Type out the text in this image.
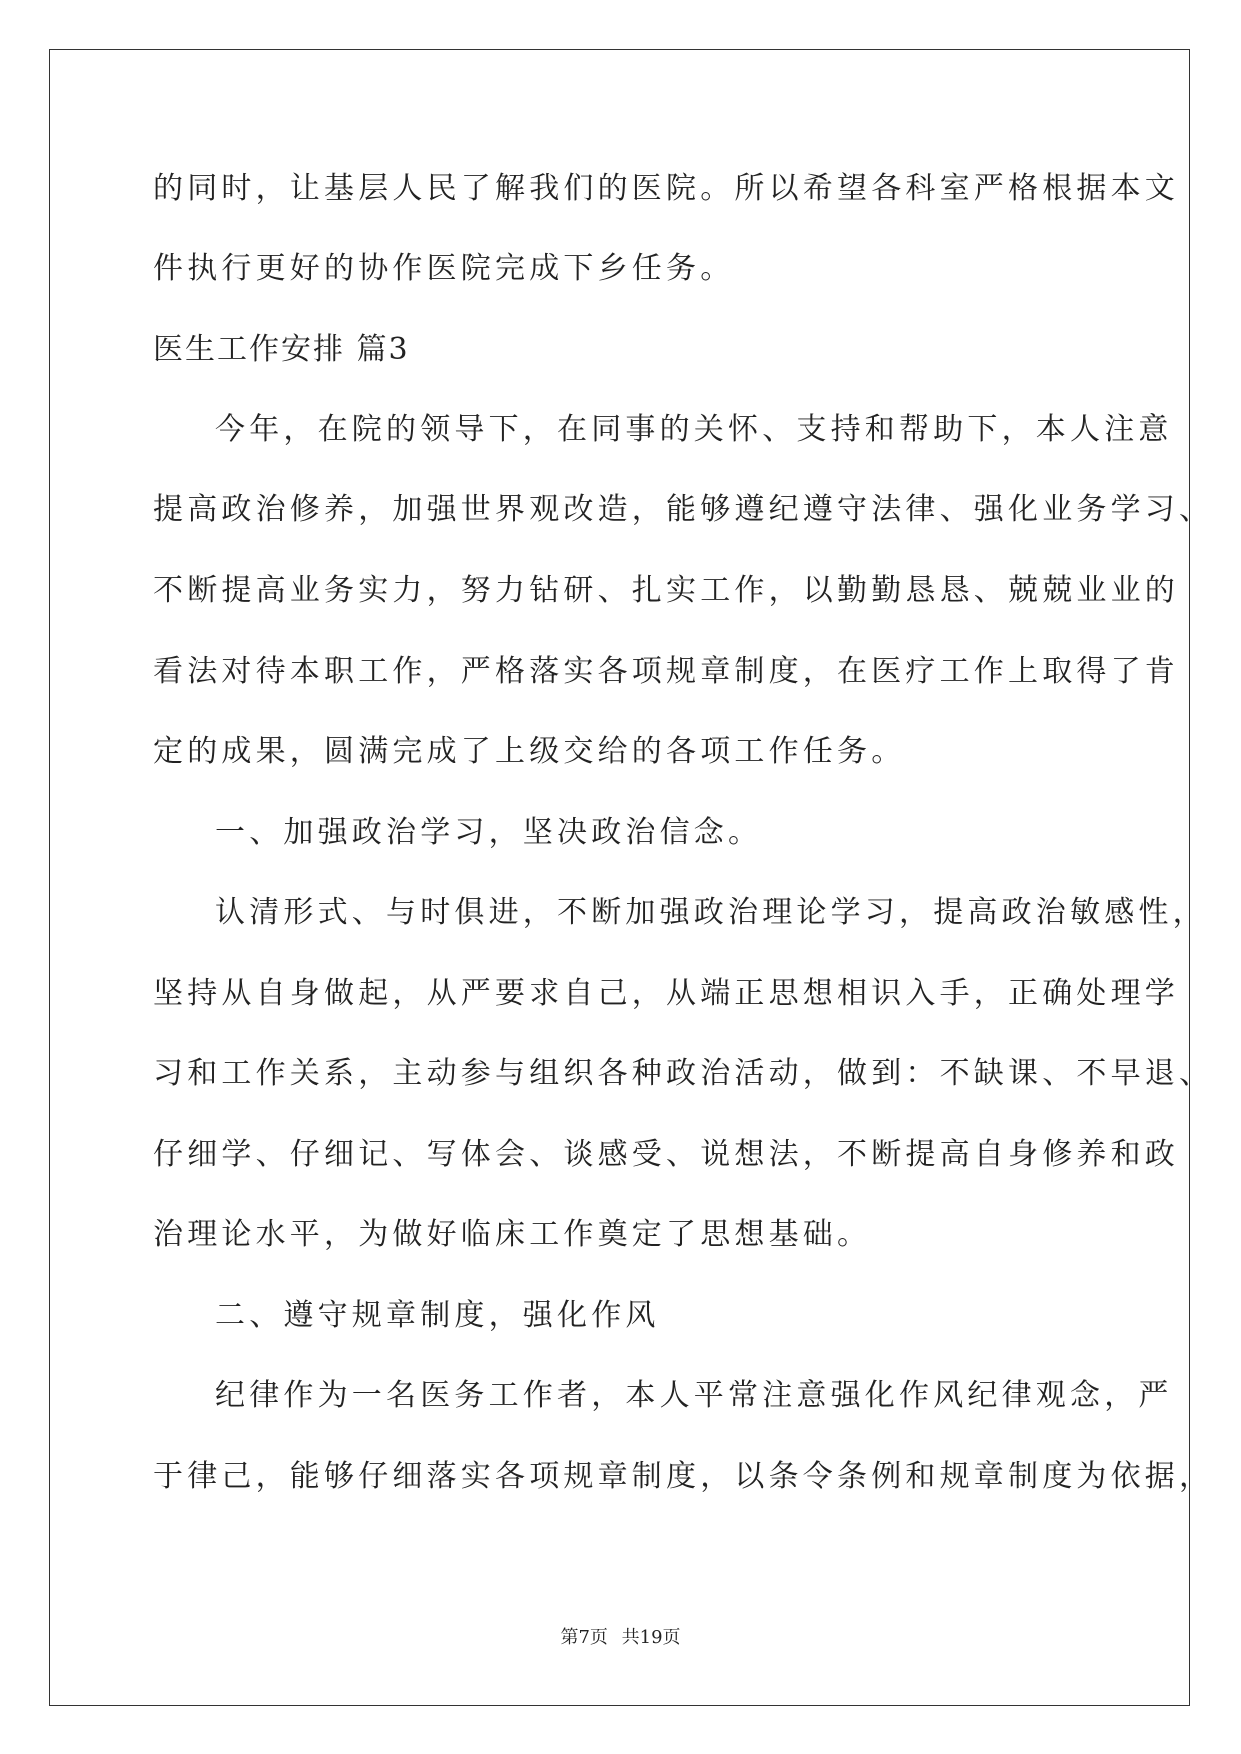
的同时，让基层人民了解我们的医院。所以希望各科室严格根据本文
件执行更好的协作医院完成下乡任务。
医生工作安排 篇3
今年，在院的领导下，在同事的关怀、支持和帮助下，本人注意
提高政治修养，加强世界观改造，能够遵纪遵守法律、强化业务学习、
不断提高业务实力，努力钻研、扎实工作，以勤勤恳恳、兢兢业业的
看法对待本职工作，严格落实各项规章制度，在医疗工作上取得了肯
定的成果，圆满完成了上级交给的各项工作任务。
一、加强政治学习，坚决政治信念。
认清形式、与时俱进，不断加强政治理论学习，提高政治敏感性，
坚持从自身做起，从严要求自己，从端正思想相识入手，正确处理学
习和工作关系，主动参与组织各种政治活动，做到：不缺课、不早退、
仔细学、仔细记、写体会、谈感受、说想法，不断提高自身修养和政
治理论水平，为做好临床工作奠定了思想基础。
二、遵守规章制度，强化作风
纪律作为一名医务工作者，本人平常注意强化作风纪律观念，严
于律己，能够仔细落实各项规章制度，以条令条例和规章制度为依据，
第7页 共19页
